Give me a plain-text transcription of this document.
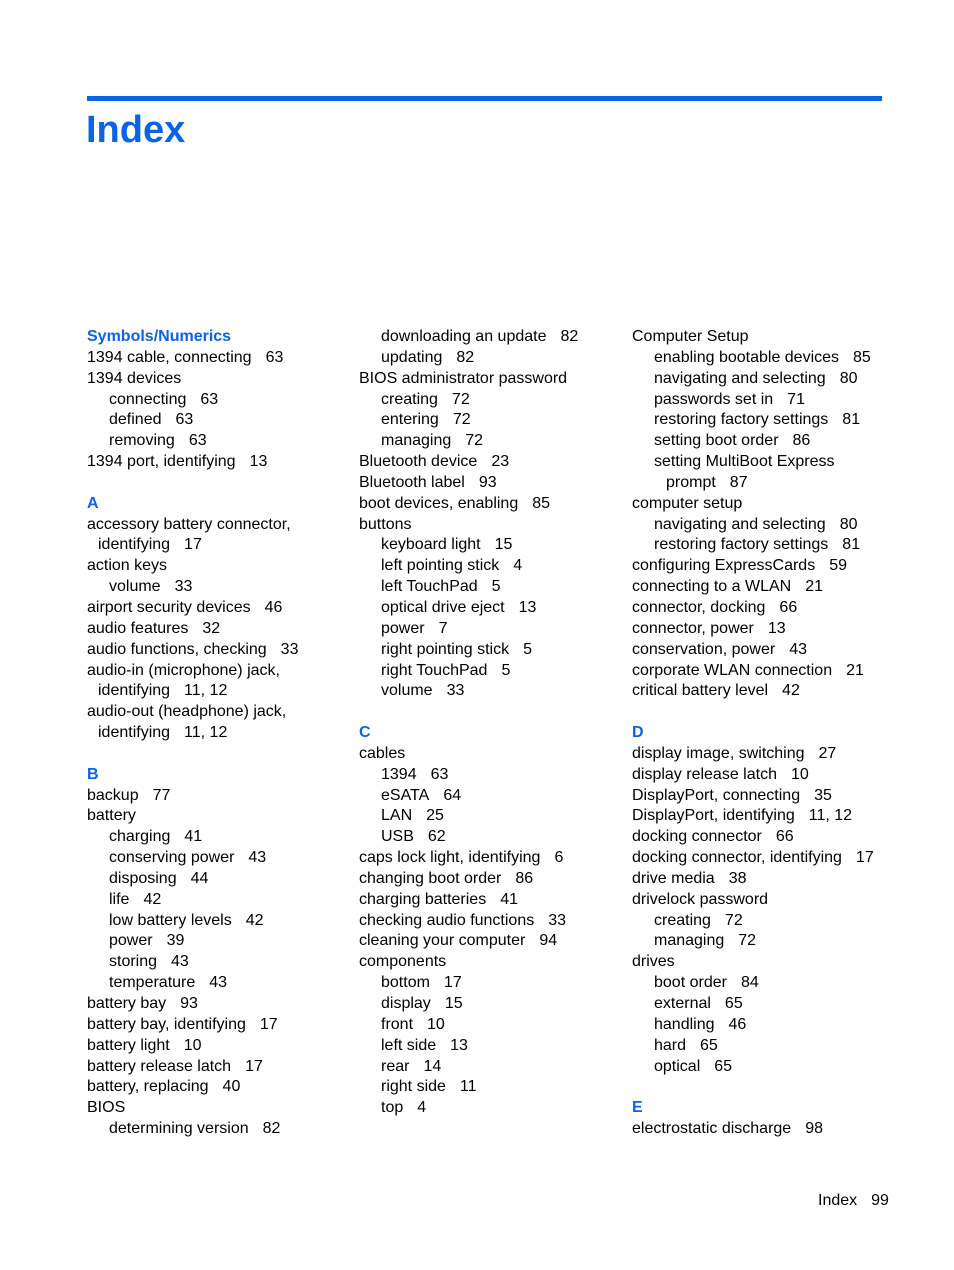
Index
Symbols/Numerics
1394 cable, connecting 63
1394 devices
connecting 63
defined 63
removing 63
1394 port, identifying 13
A
accessory battery connector,
identifying 17
action keys
volume 33
airport security devices 46
audio features 32
audio functions, checking 33
audio-in (microphone) jack,
identifying 11, 12
audio-out (headphone) jack,
identifying 11, 12
B
backup 77
battery
charging 41
conserving power 43
disposing 44
life 42
low battery levels 42
power 39
storing 43
temperature 43
battery bay 93
battery bay, identifying 17
battery light 10
battery release latch 17
battery, replacing 40
BIOS
determining version 82
downloading an update 82
updating 82
BIOS administrator password
creating 72
entering 72
managing 72
Bluetooth device 23
Bluetooth label 93
boot devices, enabling 85
buttons
keyboard light 15
left pointing stick 4
left TouchPad 5
optical drive eject 13
power 7
right pointing stick 5
right TouchPad 5
volume 33
C
cables
1394 63
eSATA 64
LAN 25
USB 62
caps lock light, identifying 6
changing boot order 86
charging batteries 41
checking audio functions 33
cleaning your computer 94
components
bottom 17
display 15
front 10
left side 13
rear 14
right side 11
top 4
Computer Setup
enabling bootable devices 85
navigating and selecting 80
passwords set in 71
restoring factory settings 81
setting boot order 86
setting MultiBoot Express
prompt 87
computer setup
navigating and selecting 80
restoring factory settings 81
configuring ExpressCards 59
connecting to a WLAN 21
connector, docking 66
connector, power 13
conservation, power 43
corporate WLAN connection 21
critical battery level 42
D
display image, switching 27
display release latch 10
DisplayPort, connecting 35
DisplayPort, identifying 11, 12
docking connector 66
docking connector, identifying 17
drive media 38
drivelock password
creating 72
managing 72
drives
boot order 84
external 65
handling 46
hard 65
optical 65
E
electrostatic discharge 98
Index 99
